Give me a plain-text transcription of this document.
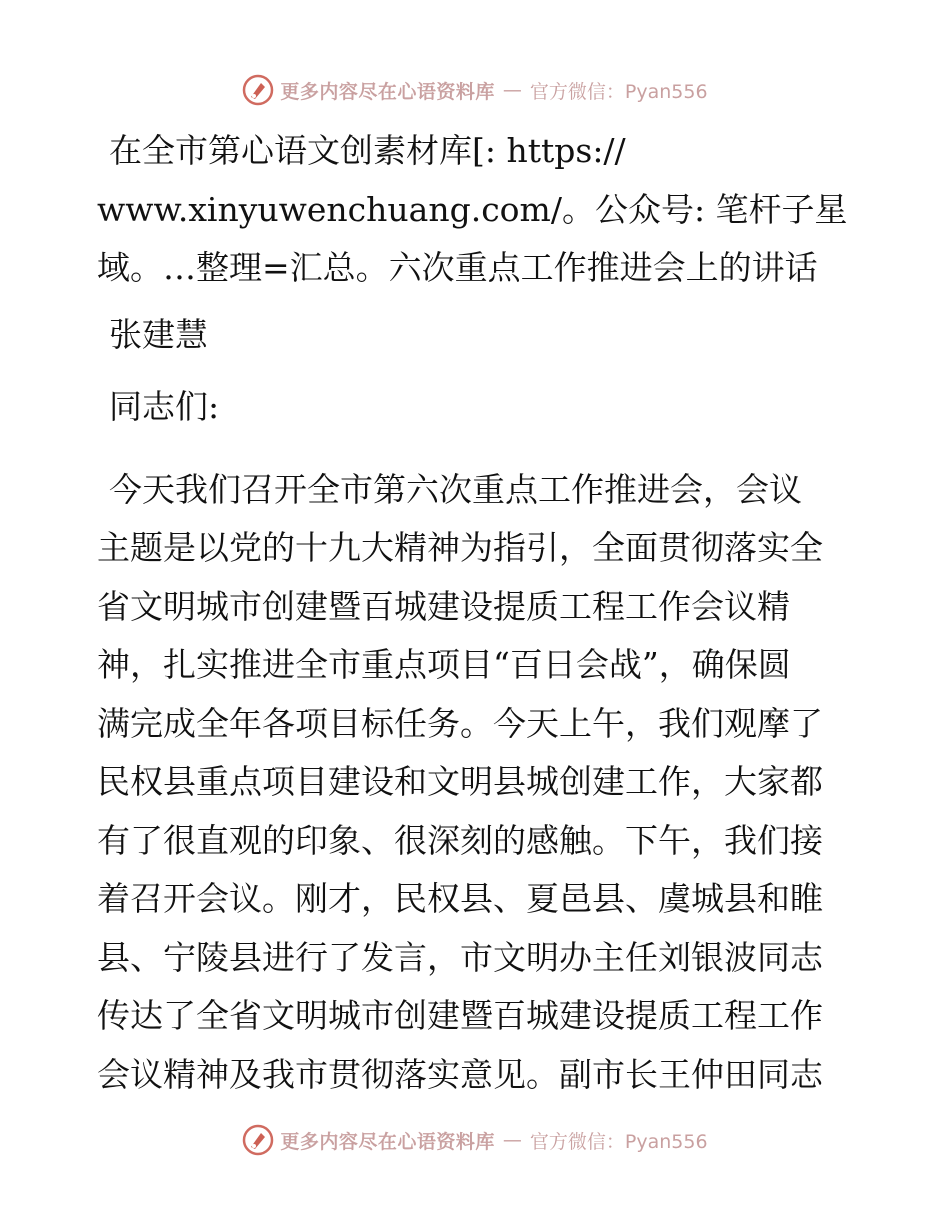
更多内容尽在心语资料库 — 官方微信：Pyan556
在全市第心语文创素材库[: https://
www.xinyuwenchuang.com/。公众号: 笔杆子星
域。…整理=汇总。六次重点工作推进会上的讲话
张建慧
同志们:
今天我们召开全市第六次重点工作推进会，会议
主题是以党的十九大精神为指引，全面贯彻落实全
省文明城市创建暨百城建设提质工程工作会议精
神，扎实推进全市重点项目“百日会战”，确保圆
满完成全年各项目标任务。今天上午，我们观摩了
民权县重点项目建设和文明县城创建工作，大家都
有了很直观的印象、很深刻的感触。下午，我们接
着召开会议。刚才，民权县、夏邑县、虞城县和睢
县、宁陵县进行了发言，市文明办主任刘银波同志
传达了全省文明城市创建暨百城建设提质工程工作
会议精神及我市贯彻落实意见。副市长王仲田同志
更多内容尽在心语资料库 — 官方微信：Pyan556
